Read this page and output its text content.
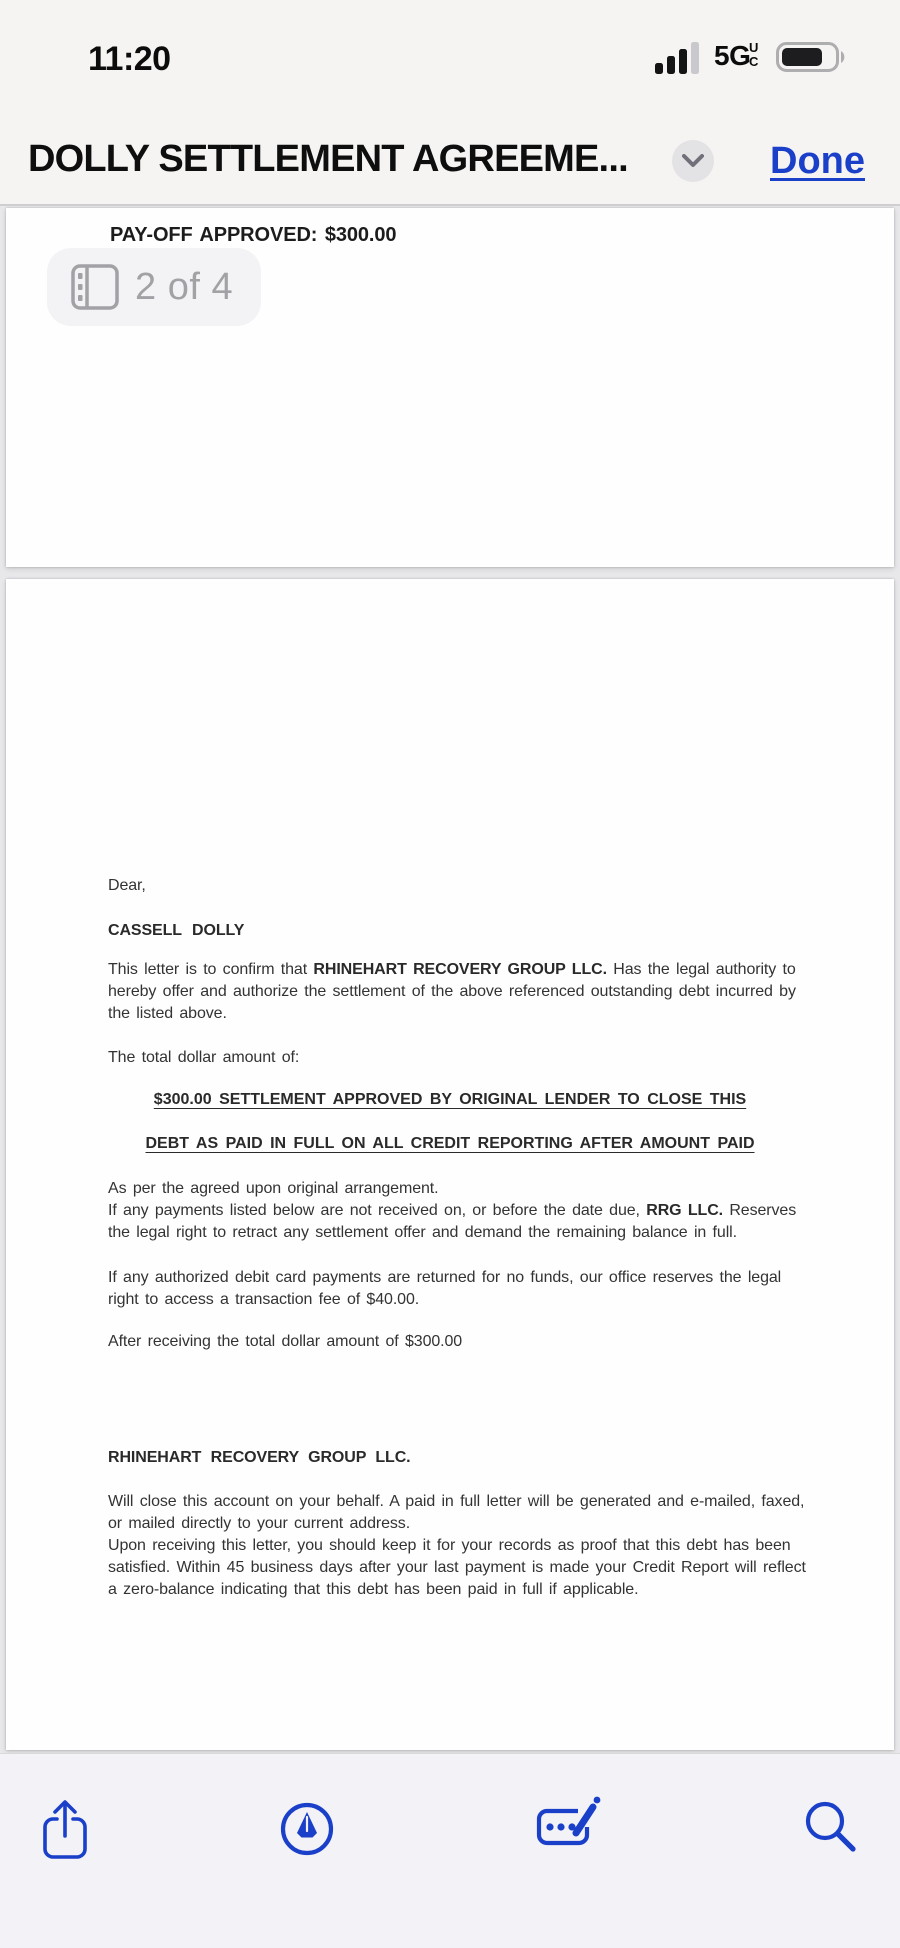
11:20	5G
U
C
DOLLY SETTLEMENT AGREEME...	Done
PAY-OFF APPROVED: $300.00
2 of 4
Dear,
CASSELL DOLLY
This letter is to confirm that RHINEHART RECOVERY GROUP LLC. Has the legal authority to hereby offer and authorize the settlement of the above referenced outstanding debt incurred by the listed above.
The total dollar amount of:
$300.00 SETTLEMENT APPROVED BY ORIGINAL LENDER TO CLOSE THIS
DEBT AS PAID IN FULL ON ALL CREDIT REPORTING AFTER AMOUNT PAID
As per the agreed upon original arrangement.
If any payments listed below are not received on, or before the date due, RRG LLC. Reserves the legal right to retract any settlement offer and demand the remaining balance in full.
If any authorized debit card payments are returned for no funds, our office reserves the legal right to access a transaction fee of $40.00.
After receiving the total dollar amount of $300.00
RHINEHART RECOVERY GROUP LLC.
Will close this account on your behalf. A paid in full letter will be generated and e-mailed, faxed, or mailed directly to your current address.
Upon receiving this letter, you should keep it for your records as proof that this debt has been satisfied. Within 45 business days after your last payment is made your Credit Report will reflect a zero-balance indicating that this debt has been paid in full if applicable.
